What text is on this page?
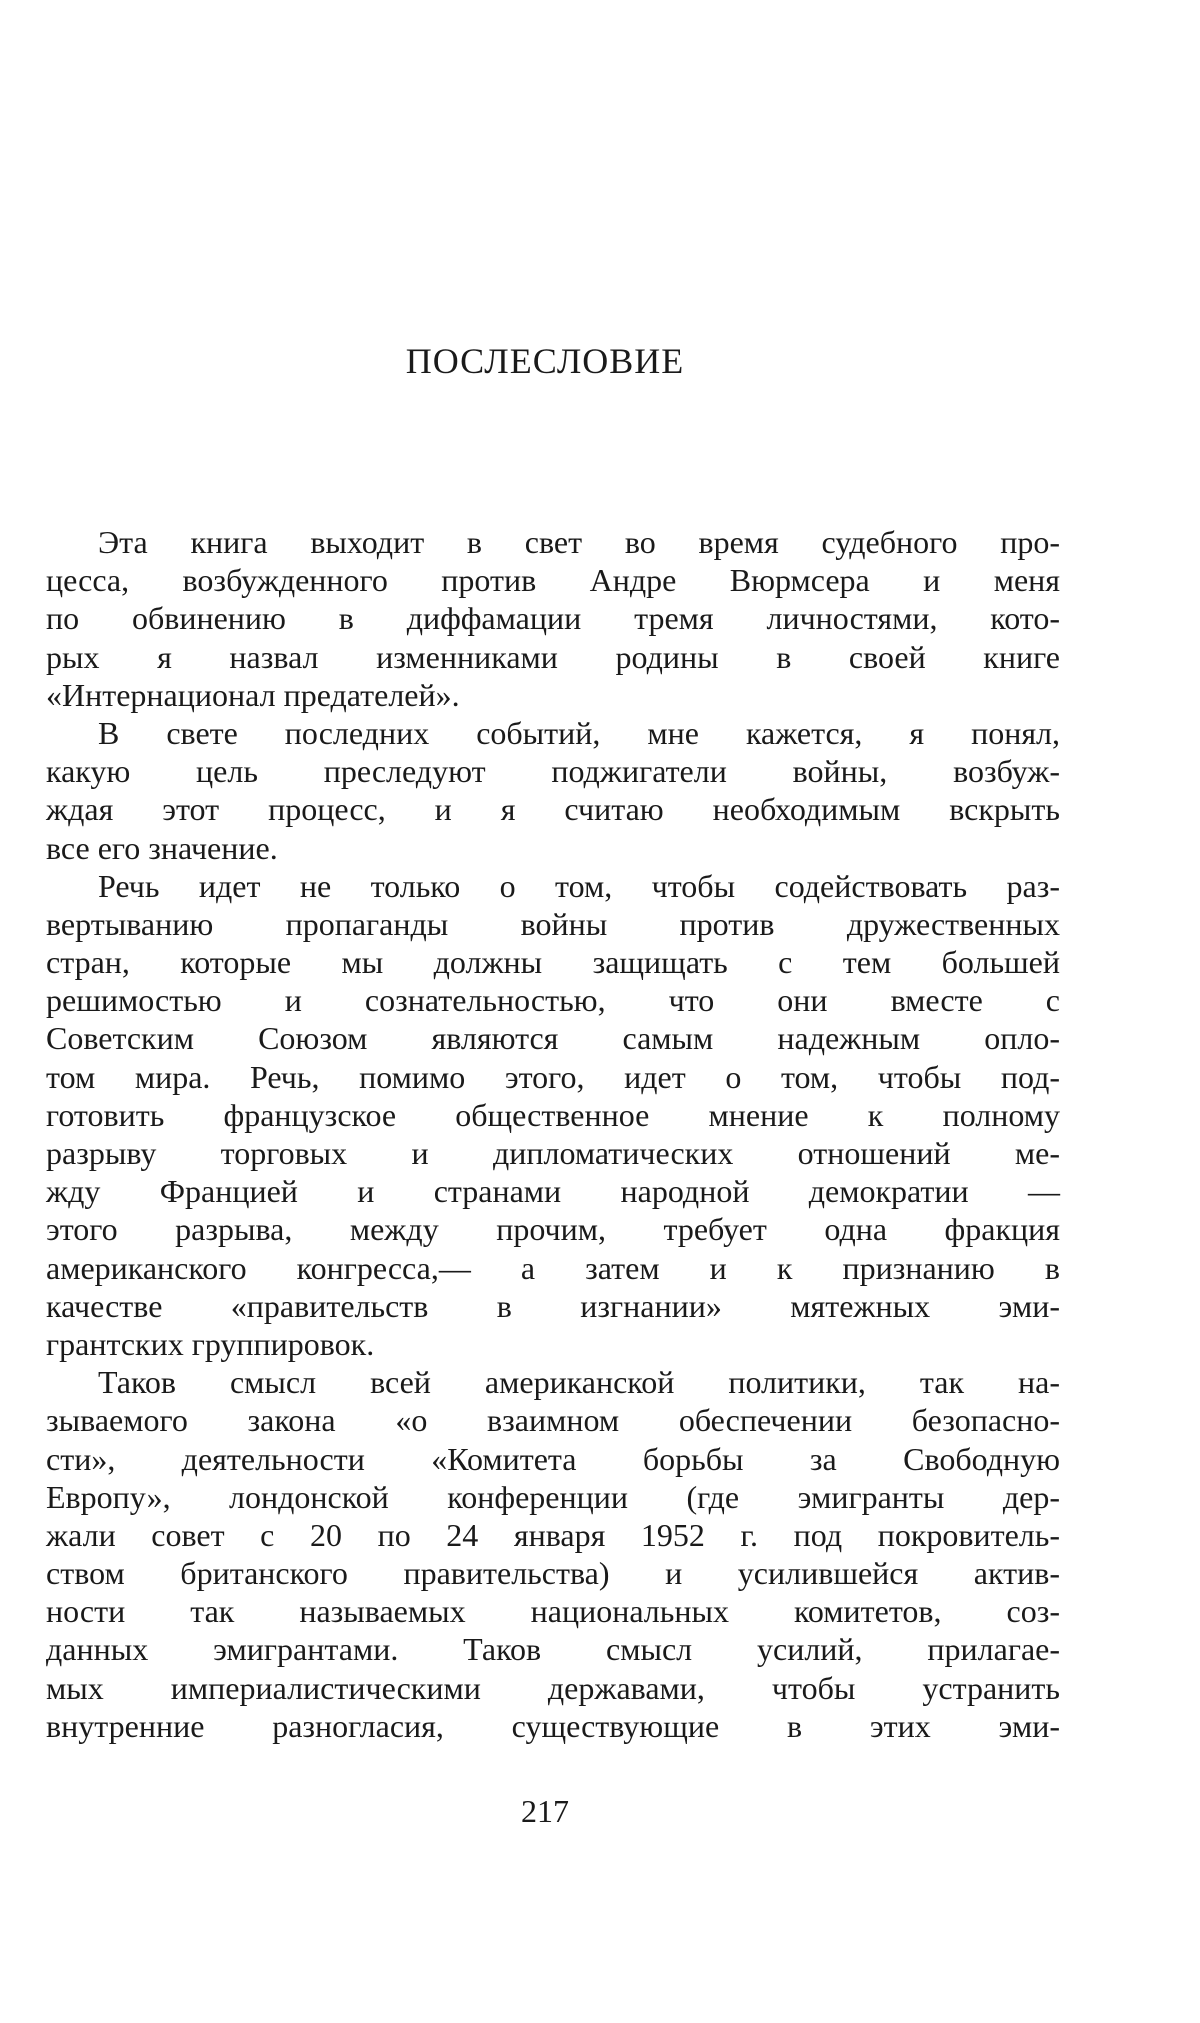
ПОСЛЕСЛОВИЕ
Эта книга выходит в свет во время судебного про-
цесса, возбужденного против Андре Вюрмсера и меня
по обвинению в диффамации тремя личностями, кото-
рых я назвал изменниками родины в своей книге
«Интернационал предателей».
В свете последних событий, мне кажется, я понял,
какую цель преследуют поджигатели войны, возбуж-
ждая этот процесс, и я считаю необходимым вскрыть
все его значение.
Речь идет не только о том, чтобы содействовать раз-
вертыванию пропаганды войны против дружественных
стран, которые мы должны защищать с тем большей
решимостью и сознательностью, что они вместе с
Советским Союзом являются самым надежным опло-
том мира. Речь, помимо этого, идет о том, чтобы под-
готовить французское общественное мнение к полному
разрыву торговых и дипломатических отношений ме-
жду Францией и странами народной демократии —
этого разрыва, между прочим, требует одна фракция
американского конгресса,— а затем и к признанию в
качестве «правительств в изгнании» мятежных эми-
грантских группировок.
Таков смысл всей американской политики, так на-
зываемого закона «о взаимном обеспечении безопасно-
сти», деятельности «Комитета борьбы за Свободную
Европу», лондонской конференции (где эмигранты дер-
жали совет с 20 по 24 января 1952 г. под покровитель-
ством британского правительства) и усилившейся актив-
ности так называемых национальных комитетов, соз-
данных эмигрантами. Таков смысл усилий, прилагае-
мых империалистическими державами, чтобы устранить
внутренние разногласия, существующие в этих эми-

217
